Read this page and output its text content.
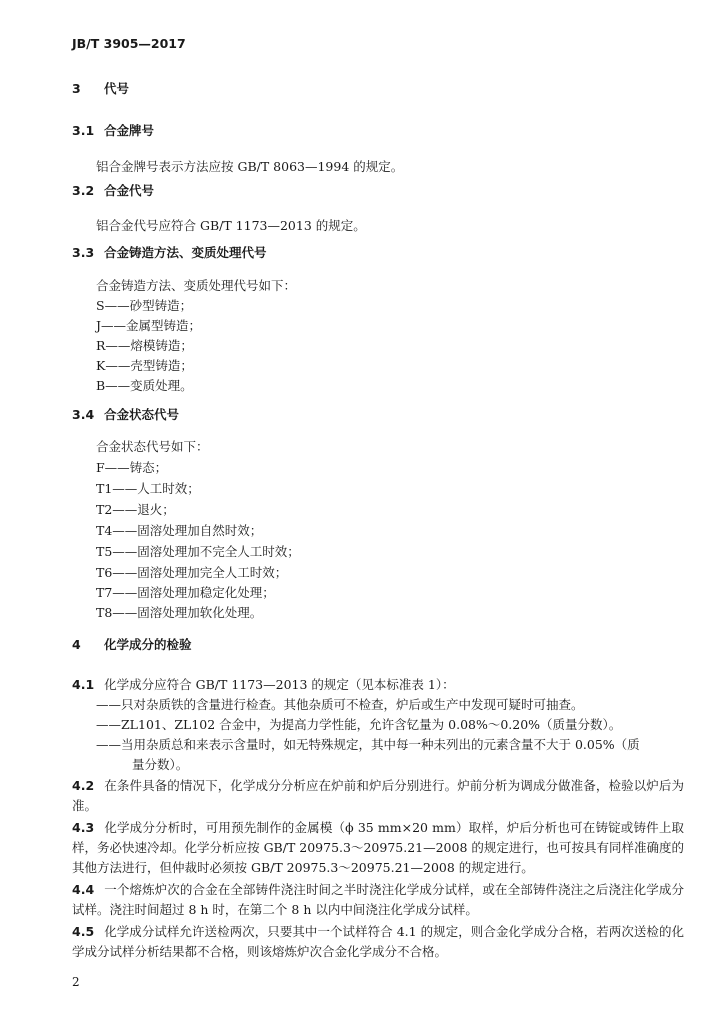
JB/T 3905—2017
3 代号
3.1 合金牌号
铝合金牌号表示方法应按 GB/T 8063—1994 的规定。
3.2 合金代号
铝合金代号应符合 GB/T 1173—2013 的规定。
3.3 合金铸造方法、变质处理代号
合金铸造方法、变质处理代号如下：
S——砂型铸造；
J——金属型铸造；
R——熔模铸造；
K——壳型铸造；
B——变质处理。
3.4 合金状态代号
合金状态代号如下：
F——铸态；
T1——人工时效；
T2——退火；
T4——固溶处理加自然时效；
T5——固溶处理加不完全人工时效；
T6——固溶处理加完全人工时效；
T7——固溶处理加稳定化处理；
T8——固溶处理加软化处理。
4 化学成分的检验
4.1 化学成分应符合 GB/T 1173—2013 的规定（见本标准表 1）：
——只对杂质铁的含量进行检查。其他杂质可不检查，炉后或生产中发现可疑时可抽查。
——ZL101、ZL102 合金中，为提高力学性能，允许含钇量为 0.08%～0.20%（质量分数）。
——当用杂质总和来表示含量时，如无特殊规定，其中每一种未列出的元素含量不大于 0.05%（质
量分数）。
4.2 在条件具备的情况下，化学成分分析应在炉前和炉后分别进行。炉前分析为调成分做准备，检验以炉后为准。
4.3 化学成分分析时，可用预先制作的金属模（ϕ 35 mm×20 mm）取样，炉后分析也可在铸锭或铸件上取样，务必快速冷却。化学分析应按 GB/T 20975.3～20975.21—2008 的规定进行，也可按具有同样准确度的其他方法进行，但仲裁时必须按 GB/T 20975.3～20975.21—2008 的规定进行。
4.4 一个熔炼炉次的合金在全部铸件浇注时间之半时浇注化学成分试样，或在全部铸件浇注之后浇注化学成分试样。浇注时间超过 8 h 时，在第二个 8 h 以内中间浇注化学成分试样。
4.5 化学成分试样允许送检两次，只要其中一个试样符合 4.1 的规定，则合金化学成分合格，若两次送检的化学成分试样分析结果都不合格，则该熔炼炉次合金化学成分不合格。
2
